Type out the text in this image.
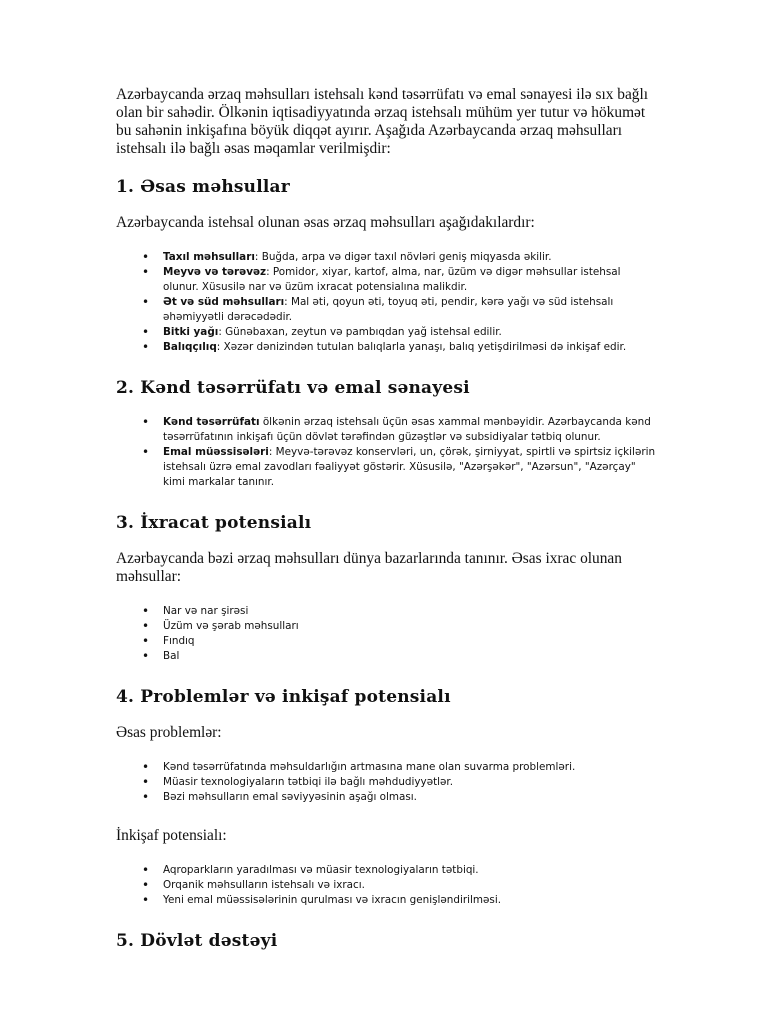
Azərbaycanda ərzaq məhsulları istehsalı kənd təsərrüfatı və emal sənayesi ilə sıx bağlı olan bir sahədir. Ölkənin iqtisadiyyatında ərzaq istehsalı mühüm yer tutur və hökumət bu sahənin inkişafına böyük diqqət ayırır. Aşağıda Azərbaycanda ərzaq məhsulları istehsalı ilə bağlı əsas məqamlar verilmişdir:

1. Əsas məhsullar

Azərbaycanda istehsal olunan əsas ərzaq məhsulları aşağıdakılardır:

• Taxıl məhsulları: Buğda, arpa və digər taxıl növləri geniş miqyasda əkilir.
• Meyvə və tərəvəz: Pomidor, xiyar, kartof, alma, nar, üzüm və digər məhsullar istehsal olunur. Xüsusilə nar və üzüm ixracat potensialına malikdir.
• Ət və süd məhsulları: Mal əti, qoyun əti, toyuq əti, pendir, kərə yağı və süd istehsalı əhəmiyyətli dərəcədədir.
• Bitki yağı: Günəbaxan, zeytun və pambıqdan yağ istehsal edilir.
• Balıqçılıq: Xəzər dənizindən tutulan balıqlarla yanaşı, balıq yetişdirilməsi də inkişaf edir.
2. Kənd təsərrüfatı və emal sənayesi
• Kənd təsərrüfatı ölkənin ərzaq istehsalı üçün əsas xammal mənbəyidir. Azərbaycanda kənd təsərrüfatının inkişafı üçün dövlət tərəfindən güzəştlər və subsidiyalar tətbiq olunur.
• Emal müəssisələri: Meyvə-tərəvəz konservləri, un, çörək, şirniyyat, spirtli və spirtsiz içkilərin istehsalı üzrə emal zavodları fəaliyyət göstərir. Xüsusilə, "Azərşəkər", "Azərsun", "Azərçay" kimi markalar tanınır.
3. İxracat potensialı

Azərbaycanda bəzi ərzaq məhsulları dünya bazarlarında tanınır. Əsas ixrac olunan məhsullar:

• Nar və nar şirəsi
• Üzüm və şərab məhsulları
• Fındıq
• Bal
4. Problemlər və inkişaf potensialı

Əsas problemlər:

• Kənd təsərrüfatında məhsuldarlığın artmasına mane olan suvarma problemləri.
• Müasir texnologiyaların tətbiqi ilə bağlı məhdudiyyətlər.
• Bəzi məhsulların emal səviyyəsinin aşağı olması.

İnkişaf potensialı:

• Aqroparkların yaradılması və müasir texnologiyaların tətbiqi.
• Orqanik məhsulların istehsalı və ixracı.
• Yeni emal müəssisələrinin qurulması və ixracın genişləndirilməsi.
5. Dövlət dəstəyi
